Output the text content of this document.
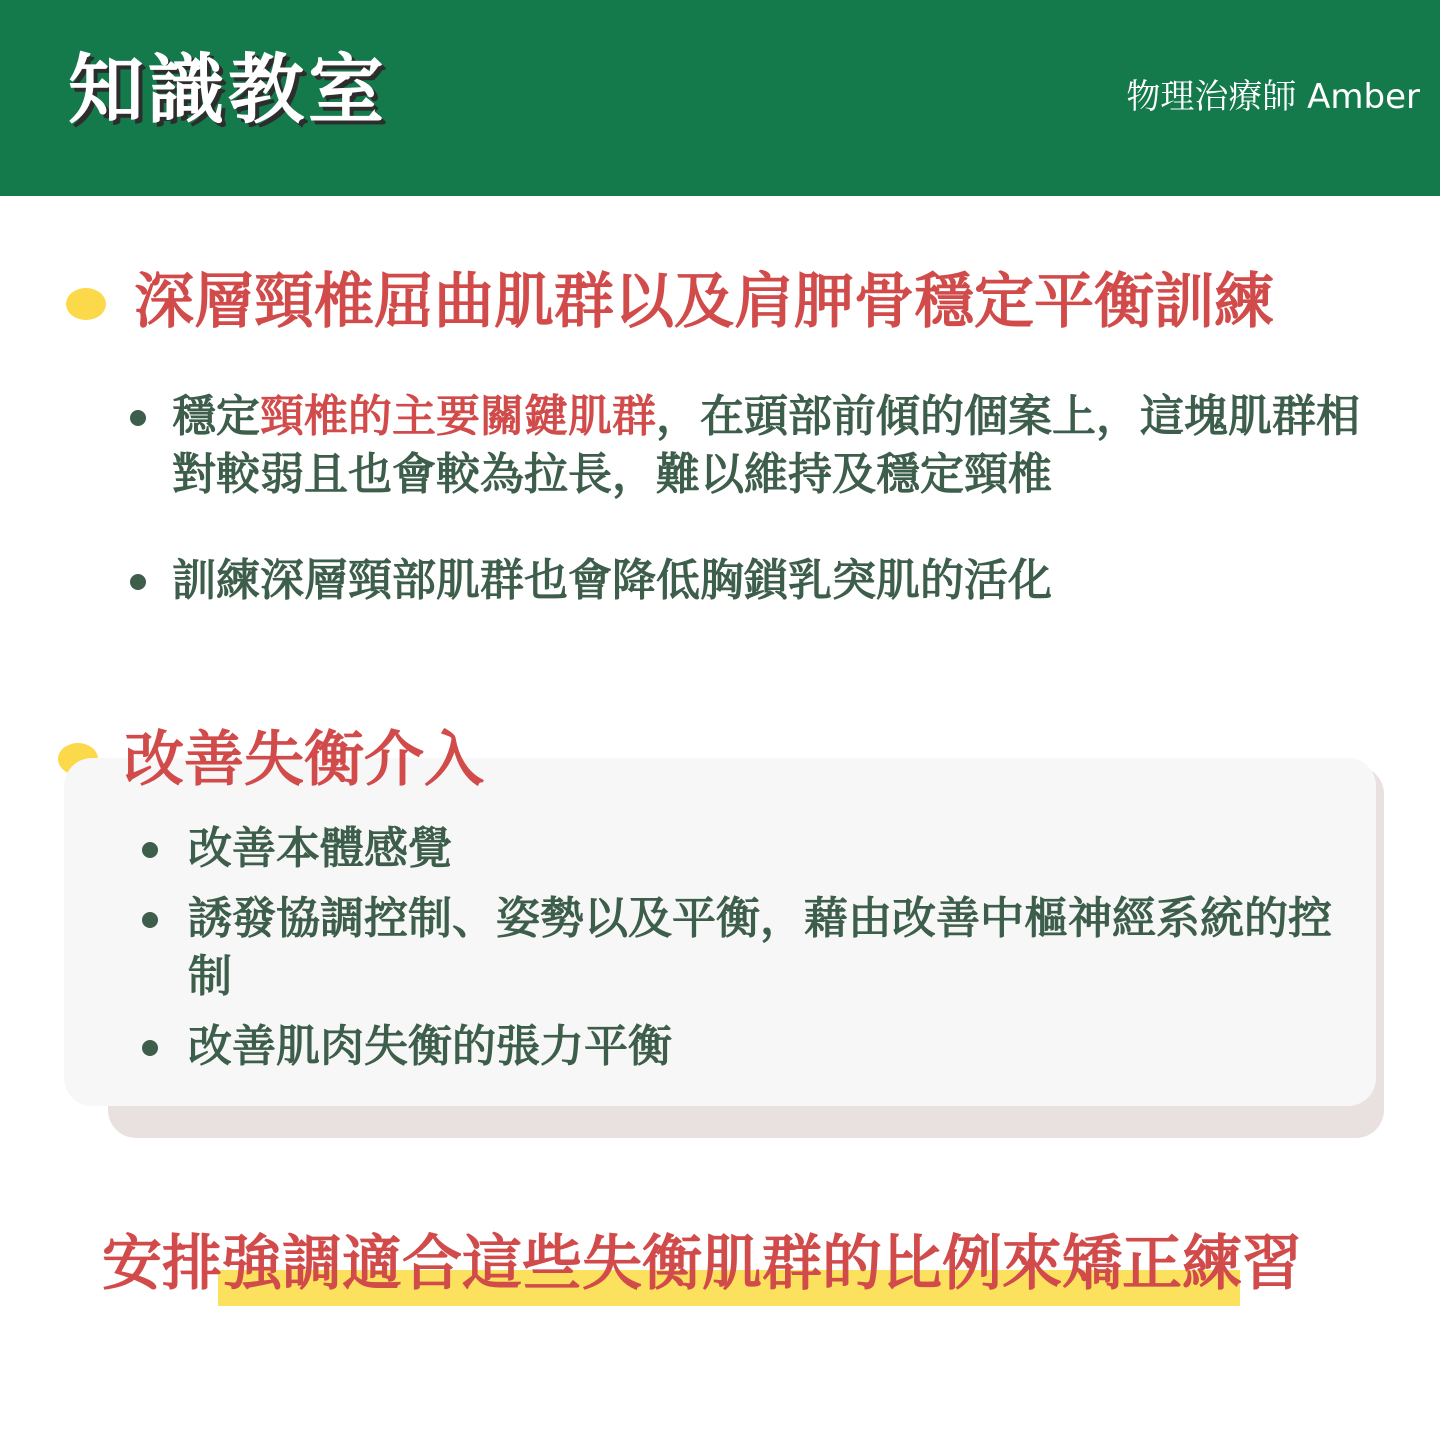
知識教室	物理治療師 Amber
深層頸椎屈曲肌群以及肩胛骨穩定平衡訓練
穩定頸椎的主要關鍵肌群，在頭部前傾的個案上，這塊肌群相對較弱且也會較為拉長，難以維持及穩定頸椎
訓練深層頸部肌群也會降低胸鎖乳突肌的活化
改善失衡介入
改善本體感覺
誘發協調控制、姿勢以及平衡，藉由改善中樞神經系統的控制
改善肌肉失衡的張力平衡
安排強調適合這些失衡肌群的比例來矯正練習
